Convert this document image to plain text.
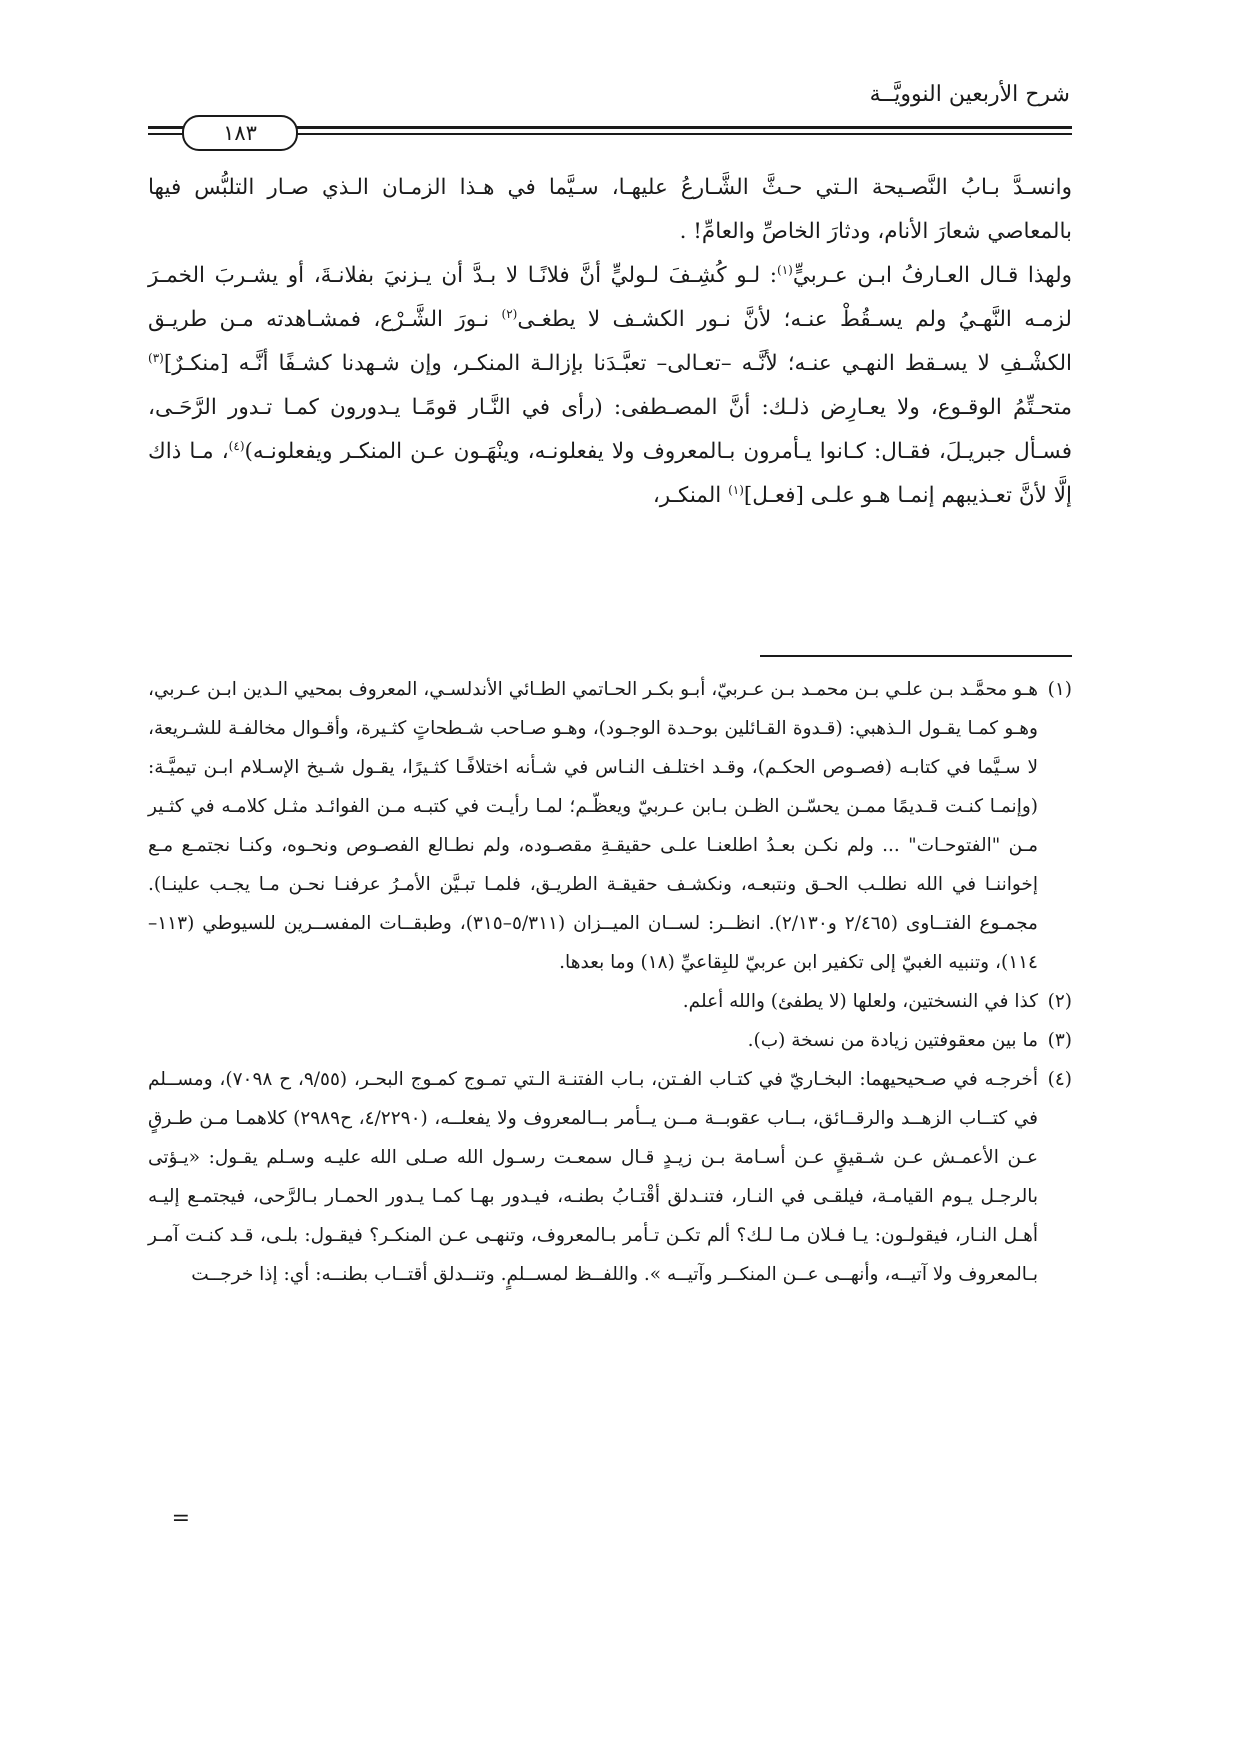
شرح الأربعين النوويَّــة
١٨٣

وانسـدَّ بـابُ النَّصـيحة الـتي حـثَّ الشَّـارعُ عليهـا، سـيَّما في هـذا الزمـان الـذي صـار التلبُّس فيها بالمعاصي شعارَ الأنام، ودثارَ الخاصِّ والعامِّ! .

ولهذا قـال العـارفُ ابـن عـربيٍّ$^{(١)}$: لـو كُشِـفَ لـوليٍّ أنَّ فلانًـا لا بـدَّ أن يـزنيَ بفلانـةَ، أو يشـربَ الخمـرَ لزمـه النَّهـيُ ولم يسـقُطْ عنـه؛ لأنَّ نـور الكشـف لا يطغـى$^{(٢)}$ نـورَ الشَّـرْع، فمشـاهدته مـن طريـق الكشْـفِ لا يسـقط النهـي عنـه؛ لأنَّـه –تعـالى– تعبَّـدَنا بإزالـة المنكـر، وإن شـهدنا كشـفًا أنَّـه [منكـرٌ]$^{(٣)}$ متحـتِّمُ الوقـوع، ولا يعـارِض ذلـك: أنَّ المصـطفى: (رأى في النَّـار قومًـا يـدورون كمـا تـدور الرَّحَـى، فسـأل جبريـلَ، فقـال: كـانوا يـأمرون بـالمعروف ولا يفعلونـه، وينْهَـون عـن المنكـر ويفعلونـه)$^{(٤)}$، مـا ذاك إلَّا لأنَّ تعـذيبهم إنمـا هـو علـى [فعـل]$^{(١)}$ المنكـر،

(١)
هـو محمَّـد بـن علـي بـن محمـد بـن عـربيّ، أبـو بكـر الحـاتمي الطـائي الأندلسـي، المعروف بمحيي الـدين ابـن عـربي، وهـو كمـا يقـول الـذهبي: (قـدوة القـائلين بوحـدة الوجـود)، وهـو صـاحب شـطحاتٍ كثـيرة، وأقـوال مخالفـة للشـريعة، لا سـيَّما في كتابـه (فصـوص الحكـم)، وقـد اختلـف النـاس في شـأنه اختلافًـا كثـيرًا، يقـول شـيخ الإسـلام ابـن تيميَّـة: (وإنمـا كنـت قـديمًا ممـن يحسّـن الظـن بـابن عـربيّ ويعظّـم؛ لمـا رأيـت في كتبـه مـن الفوائـد مثـل كلامـه في كثـير مـن "الفتوحـات" ... ولم نكـن بعـدُ اطلعنـا علـى حقيقـةِ مقصـوده، ولم نطـالع الفصـوص ونحـوه، وكنـا نجتمـع مـع إخواننـا في الله نطلـب الحـق ونتبعـه، ونكشـف حقيقـة الطريـق، فلمـا تبـيَّن الأمـرُ عرفنـا نحـن مـا يجـب علينـا). مجمـوع الفتــاوى (٢/٤٦٥ و٢/١٣٠). انظــر: لســان الميــزان (٥/٣١١–٣١٥)، وطبقــات المفســرين للسيوطي (١١٣–١١٤)، وتنبيه الغبيّ إلى تكفير ابن عربيّ للبِقاعيِّ (١٨) وما بعدها.

(٢)
كذا في النسختين، ولعلها (لا يطفئ) والله أعلم.

(٣)
ما بين معقوفتين زيادة من نسخة (ب).

(٤)
أخرجـه في صـحيحيهما: البخـاريّ في كتـاب الفـتن، بـاب الفتنـة الـتي تمـوج كمـوج البحـر، (٩/٥٥، ح ٧٠٩٨)، ومســلم في كتــاب الزهــد والرقــائق، بــاب عقوبــة مــن يــأمر بــالمعروف ولا يفعلــه، (٤/٢٢٩٠، ح٢٩٨٩) كلاهمـا مـن طـرقٍ عـن الأعمـش عـن شـقيقٍ عـن أسـامة بـن زيـدٍ قـال سمعـت رسـول الله صـلى الله عليـه وسـلم يقـول: «يـؤتى بالرجـل يـوم القيامـة، فيلقـى في النـار، فتنـدلق أقْتـابُ بطنـه، فيـدور بهـا كمـا يـدور الحمـار بـالرَّحى، فيجتمـع إليـه أهـل النـار، فيقولـون: يـا فـلان مـا لـك؟ ألم تكـن تـأمر بـالمعروف، وتنهـى عـن المنكـر؟ فيقـول: بلـى، قـد كنـت آمـر بـالمعروف ولا آتيــه، وأنهــى عــن المنكــر وآتيــه ». واللفــظ لمســلمٍ. وتنــدلق أقتــاب بطنــه: أي: إذا خرجــت

=
